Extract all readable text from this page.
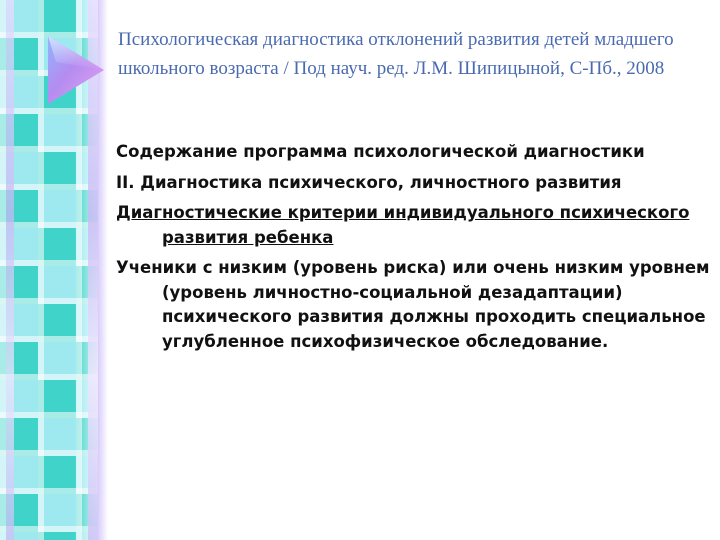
Психологическая диагностика отклонений развития детей младшего школьного возраста / Под науч. ред. Л.М. Шипицыной, С-Пб., 2008

Содержание программа психологической диагностики

II. Диагностика психического, личностного развития

Диагностические критерии индивидуального психического развития ребенка

Ученики с низким (уровень риска) или очень низким уровнем (уровень личностно-социальной дезадаптации) психического развития должны проходить специальное углубленное психофизическое обследование.
